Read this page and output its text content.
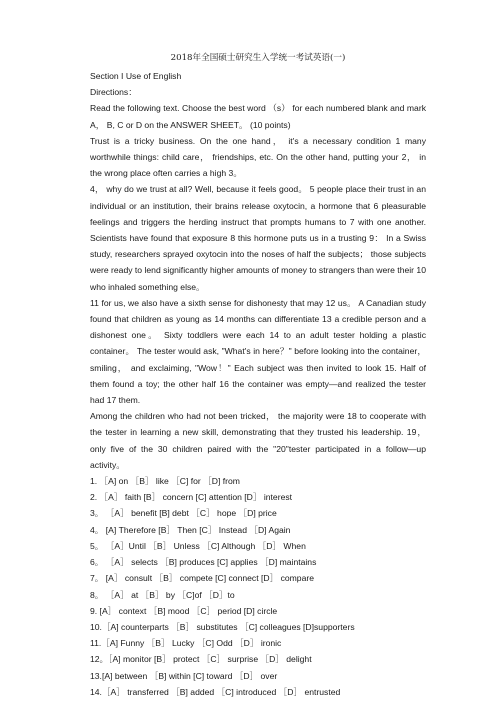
2018年全国硕士研究生入学统一考试英语(一)

Section I Use of English

Directions：

Read the following text. Choose the best word （s） for each numbered blank and mark A， B, C or D on the ANSWER SHEET。 (10 points)

Trust is a tricky business. On the one hand， it's a necessary condition 1 many worthwhile things: child care， friendships, etc. On the other hand, putting your 2， in the wrong place often carries a high 3。

4， why do we trust at all? Well, because it feels good。 5 people place their trust in an individual or an institution, their brains release oxytocin, a hormone that 6 pleasurable feelings and triggers the herding instruct that prompts humans to 7 with one another. Scientists have found that exposure 8 this hormone puts us in a trusting 9： In a Swiss study, researchers sprayed oxytocin into the noses of half the subjects； those subjects were ready to lend significantly higher amounts of money to strangers than were their 10 who inhaled something else。

11 for us, we also have a sixth sense for dishonesty that may 12 us。 A Canadian study found that children as young as 14 months can differentiate 13 a credible person and a dishonest one。 Sixty toddlers were each 14 to an adult tester holding a plastic container。 The tester would ask, "What's in here？" before looking into the container，smiling， and exclaiming, "Wow！" Each subject was then invited to look 15. Half of them found a toy; the other half 16 the container was empty—and realized the tester had 17 them.

Among the children who had not been tricked， the majority were 18 to cooperate with the tester in learning a new skill, demonstrating that they trusted his leadership. 19，only five of the 30 children paired with the "20"tester participated in a follow—up activity。

1. ［A] on ［B］ like ［C] for ［D] from

2. ［A］ faith [B］ concern [C] attention [D］ interest

3。 ［A］ benefit [B] debt ［C］ hope ［D] price

4。 [A] Therefore [B］ Then [C］ Instead ［D] Again

5。 ［A］Until ［B］ Unless ［C] Although ［D］ When

6。 ［A］ selects ［B] produces [C] applies ［D] maintains

7。 [A］ consult ［B］ compete [C] connect [D］ compare

8。 ［A］ at ［B］ by ［C]of ［D］to

9. [A］ context ［B] mood ［C］ period [D] circle

10.［A] counterparts ［B］ substitutes ［C] colleagues [D]supporters

11.［A] Funny ［B］ Lucky ［C] Odd ［D］ ironic

12。［A] monitor [B］ protect ［C］ surprise ［D］ delight

13.[A] between ［B] within [C] toward ［D］ over

14.［A］ transferred ［B] added ［C] introduced ［D］ entrusted
